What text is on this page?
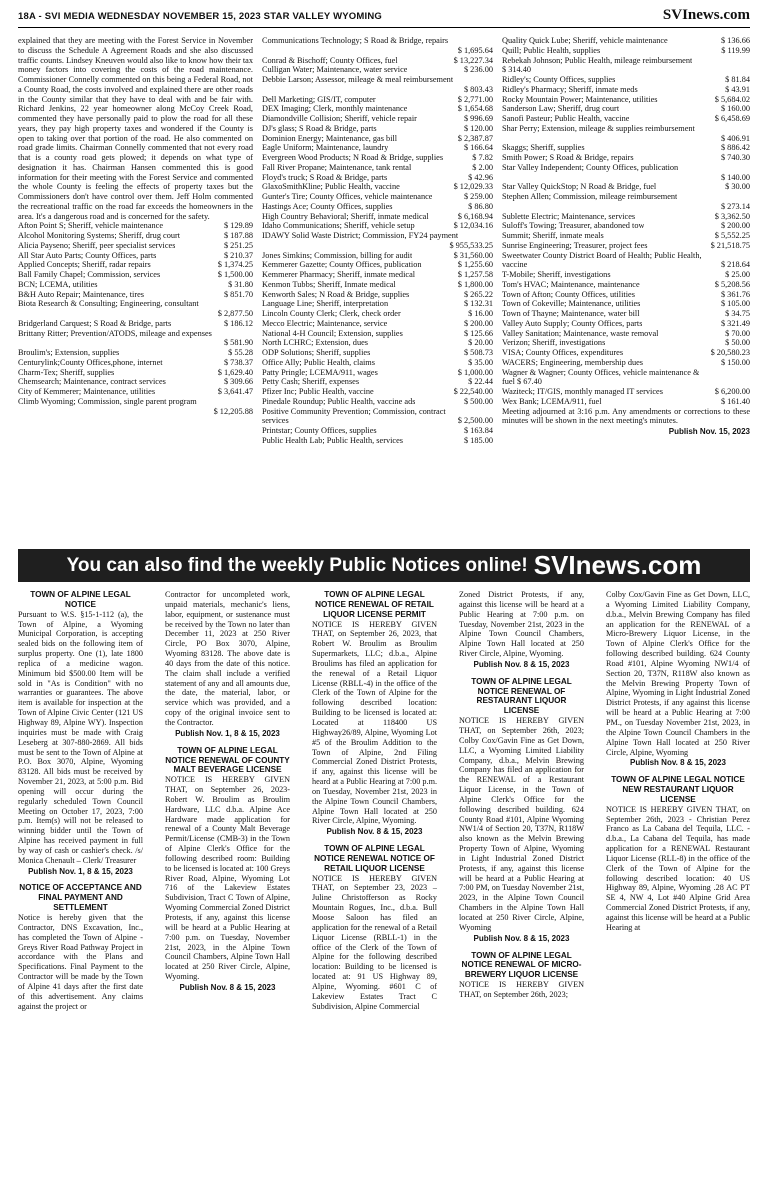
18A - SVI MEDIA WEDNESDAY NOVEMBER 15, 2023 STAR VALLEY WYOMING	SVInews.com

explained that they are meeting with the Forest Service in November to discuss the Schedule A Agreement Roads and she also discussed traffic counts. Lindsey Kneuven would also like to know how their tax money factors into covering the costs of the road maintenance. Commissioner Connelly commented on this being a Federal Road, not a County Road, the costs involved and explained there are other roads in the County similar that they have to deal with and be fair with. Richard Jenkins, 22 year homeowner along McCoy Creek Road, commented they have personally paid to plow the road for all these years, they pay high property taxes and wondered if the County is open to taking over that portion of the road. He also commented on road grade limits. Chairman Connelly commented that not every road that is a county road gets plowed; it depends on what type of designation it has. Chairman Hansen commented this is good information for their meeting with the Forest Service and commented the whole County is feeling the effects of property taxes but the Commissioners don't have control over them. Jeff Holm commented the recreational traffic on the road far exceeds the homeowners in the area. It's a dangerous road and is concerned for the safety.

Afton Point S; Sheriff, vehicle maintenance	$ 129.89
Alcohol Monitoring Systems; Sheriff, drug court	$ 187.88
Alicia Payseno; Sheriff, peer specialist services	$ 251.25
All Star Auto Parts; County Offices, parts	$ 210.37
Applied Concepts; Sheriff, radar repairs	$ 1,374.25
Ball Family Chapel; Commission, services	$ 1,500.00
BCN; LCEMA, utilities	$ 31.80
B&H Auto Repair; Maintenance, tires	$ 851.70
Biota Research & Consulting; Engineering, consultant
$ 2,877.50
Bridgerland Carquest; S Road & Bridge, parts	$ 186.12
Brittany Ritter; Prevention/ATODS, mileage and expenses
$ 581.90
Broulim's; Extension, supplies	$ 55.28
Centurylink;County Offices,phone, internet	$ 738.37
Charm-Tex; Sheriff, supplies	$ 1,629.40
Chemsearch; Maintenance, contract services	$ 309.66
City of Kemmerer; Maintenance, utilities	$ 3,641.47
Climb Wyoming; Commission, single parent program
$ 12,205.88
Communications Technology; S Road & Bridge, repairs
$ 1,695.64
Conrad & Bischoff; County Offices, fuel	$ 13,227.34
Culligan Water; Maintenance, water service	$ 236.00
Debbie Larson; Assessor, mileage & meal reimbursement
$ 803.43
Dell Marketing; GIS/IT, computer	$ 2,771.00
DEX Imaging; Clerk, monthly maintenance	$ 1,654.68
Diamondville Collision; Sheriff, vehicle repair	$ 996.69
DJ's glass; S Road & Bridge, parts	$ 120.00
Dominion Energy; Maintenance, gas bill	$ 2,387.87
Eagle Uniform; Maintenance, laundry	$ 166.64
Evergreen Wood Products; N Road & Bridge, supplies	$ 7.82
Fall River Propane; Maintenance, tank rental	$ 2.00
Floyd's truck; S Road & Bridge, parts	$ 42.96
GlaxoSmithKline; Public Health, vaccine	$ 12,029.33
Gunter's Tire; County Offices, vehicle maintenance	$ 259.00
Hastings Ace; County Offices, supplies	$ 86.80
High Country Behavioral; Sheriff, inmate medical	$ 6,168.94
Idaho Communications; Sheriff, vehicle setup	$ 12,034.16
IDAWY Solid Waste District; Commission, FY24 payment
$ 955,533.25
Jones Simkins; Commission, billing for audit	$ 31,560.00
Kemmerer Gazette; County Offices, publication	$ 1,255.60
Kemmerer Pharmacy; Sheriff, inmate medical	$ 1,257.58
Kenmon Tubbs; Sheriff, Inmate medical	$ 1,800.00
Kenworth Sales; N Road & Bridge, supplies	$ 265.22
Language Line; Sheriff, interpretation	$ 132.31
Lincoln County Clerk; Clerk, check order	$ 16.00
Mecco Electric; Maintenance, service	$ 200.00
National 4-H Council; Extension, supplies	$ 125.66
North LCHRC; Extension, dues	$ 20.00
ODP Solutions; Sheriff, supplies	$ 508.73
Office Ally; Public Health, claims	$ 35.00
Patty Pringle; LCEMA/911, wages	$ 1,000.00
Petty Cash; Sheriff, expenses	$ 22.44
Pfizer Inc; Public Health, vaccine	$ 22,540.00
Pinedale Roundup; Public Health, vaccine ads	$ 500.00
Positive Community Prevention; Commission, contract
services	$ 2,500.00
Printstar; County Offices, supplies	$ 163.84
Public Health Lab; Public Health, services	$ 185.00
Quality Quick Lube; Sheriff, vehicle maintenance	$ 136.66
Quill; Public Health, supplies	$ 119.99
Rebekah Johnson; Public Health, mileage reimbursement
$ 314.40
Ridley's; County Offices, supplies	$ 81.84
Ridley's Pharmacy; Sheriff, inmate meds	$ 43.91
Rocky Mountain Power; Maintenance, utilities	$ 5,684.02
Sanderson Law; Sheriff, drug court	$ 160.00
Sanofi Pasteur; Public Health, vaccine	$ 6,458.69
Shar Perry; Extension, mileage & supplies reimbursement
$ 406.91
Skaggs; Sheriff, supplies	$ 886.42
Smith Power; S Road & Bridge, repairs	$ 740.30
Star Valley Independent; County Offices, publication
$ 140.00
Star Valley QuickStop; N Road & Bridge, fuel	$ 30.00
Stephen Allen; Commission, mileage reimbursement
$ 273.14
Sublette Electric; Maintenance, services	$ 3,362.50
Suloff's Towing; Treasurer, abandoned tow	$ 200.00
Summit; Sheriff, inmate meals	$ 5,552.25
Sunrise Engineering; Treasurer, project fees	$ 21,518.75
Sweetwater County District Board of Health; Public Health,
vaccine	$ 218.64
T-Mobile; Sheriff, investigations	$ 25.00
Tom's HVAC; Maintenance, maintenance	$ 5,208.56
Town of Afton; County Offices, utilities	$ 361.76
Town of Cokeville; Maintenance, utilities	$ 105.00
Town of Thayne; Maintenance, water bill	$ 34.75
Valley Auto Supply; County Offices, parts	$ 321.49
Valley Sanitation; Maintenance, waste removal	$ 70.00
Verizon; Sheriff, investigations	$ 50.00
VISA; County Offices, expenditures	$ 20,580.23
WACERS; Engineering, membership dues	$ 150.00
Wagner & Wagner; County Offices, vehicle maintenance &
fuel $ 67.40
Waziteck; IT/GIS, monthly managed IT services	$ 6,200.00
Wex Bank; LCEMA/911, fuel	$ 161.40

Meeting adjourned at 3:16 p.m. Any amendments or corrections to these minutes will be shown in the next meeting's minutes.

Publish Nov. 15, 2023
You can also find the weekly Public Notices online! SVInews.com
TOWN OF ALPINE LEGAL NOTICE

Pursuant to W.S. §15-1-112 (a), the Town of Alpine, a Wyoming Municipal Corporation, is accepting sealed bids on the following item of surplus property. One (1), late 1800 replica of a medicine wagon. Minimum bid $500.00 Item will be sold in "As is Condition" with no warranties or guarantees. The above item is available for inspection at the Town of Alpine Civic Center (121 US Highway 89, Alpine WY). Inspection inquiries must be made with Craig Leseberg at 307-880-2869. All bids must be sent to the Town of Alpine at P.O. Box 3070, Alpine, Wyoming 83128. All bids must be received by November 21, 2023, at 5:00 p.m. Bid opening will occur during the regularly scheduled Town Council Meeting on October 17, 2023, 7:00 p.m. Item(s) will not be released to winning bidder until the Town of Alpine has received payment in full by way of cash or cashier's check. /s/ Monica Chenault – Clerk/ Treasurer

Publish Nov. 1, 8 & 15, 2023
NOTICE OF ACCEPTANCE AND FINAL PAYMENT AND SETTLEMENT

Notice is hereby given that the Contractor, DNS Excavation, Inc., has completed the Town of Alpine - Greys River Road Pathway Project in accordance with the Plans and Specifications. Final Payment to the Contractor will be made by the Town of Alpine 41 days after the first date of this advertisement. Any claims against the project or

Contractor for uncompleted work, unpaid materials, mechanic's liens, labor, equipment, or sustenance must be received by the Town no later than December 11, 2023 at 250 River Circle, PO Box 3070, Alpine, Wyoming 83128. The above date is 40 days from the date of this notice. The claim shall include a verified statement of any and all amounts due, the date, the material, labor, or service which was provided, and a copy of the original invoice sent to the Contractor.

Publish Nov. 1, 8 & 15, 2023
TOWN OF ALPINE LEGAL NOTICE RENEWAL OF COUNTY MALT BEVERAGE LICENSE

NOTICE IS HEREBY GIVEN THAT, on September 26, 2023- Robert W. Broulim as Broulim Hardware, LLC d.b.a. Alpine Ace Hardware made application for renewal of a County Malt Beverage Permit/License (CMB-3) in the Town of Alpine Clerk's Office for the following described room: Building to be licensed is located at: 100 Greys River Road, Alpine, Wyoming Lot 716 of the Lakeview Estates Subdivision, Tract C Town of Alpine, Wyoming Commercial Zoned District Protests, if any, against this license will be heard at a Public Hearing at 7:00 p.m. on Tuesday, November 21st, 2023, in the Alpine Town Council Chambers, Alpine Town Hall located at 250 River Circle, Alpine, Wyoming.

Publish Nov. 8 & 15, 2023
TOWN OF ALPINE LEGAL NOTICE RENEWAL OF RETAIL LIQUOR LICENSE PERMIT

NOTICE IS HEREBY GIVEN THAT, on September 26, 2023, that Robert W. Broulim as Broulim Supermarkets, LLC; d.b.a., Alpine Broulims has filed an application for the renewal of a Retail Liquor License (RBLL-4) in the office of the Clerk of the Town of Alpine for the following described location: Building to be licensed is located at: Located at 118400 US Highway26/89, Alpine, Wyoming Lot #5 of the Broulim Addition to the Town of Alpine, 2nd Filing Commercial Zoned District Protests, if any, against this license will be heard at a Public Hearing at 7:00 p.m. on Tuesday, November 21st, 2023 in the Alpine Town Council Chambers, Alpine Town Hall located at 250 River Circle, Alpine, Wyoming.

Publish Nov. 8 & 15, 2023
TOWN OF ALPINE LEGAL NOTICE RENEWAL NOTICE OF RETAIL LIQUOR LICENSE

NOTICE IS HEREBY GIVEN THAT, on September 23, 2023 – Juline Christofferson as Rocky Mountain Rogues, Inc., d.b.a. Bull Moose Saloon has filed an application for the renewal of a Retail Liquor License (RBLL-1) in the office of the Clerk of the Town of Alpine for the following described location: Building to be licensed is located at: 91 US Highway 89, Alpine, Wyoming. #601 C of Lakeview Estates Tract C Subdivision, Alpine Commercial

Zoned District Protests, if any, against this license will be heard at a Public Hearing at 7:00 p.m. on Tuesday, November 21st, 2023 in the Alpine Town Council Chambers, Alpine Town Hall located at 250 River Circle, Alpine, Wyoming.

Publish Nov. 8 & 15, 2023
TOWN OF ALPINE LEGAL NOTICE RENEWAL OF RESTAURANT LIQUOR LICENSE

NOTICE IS HEREBY GIVEN THAT, on September 26th, 2023; Colby Cox/Gavin Fine as Get Down, LLC, a Wyoming Limited Liability Company, d.b.a., Melvin Brewing Company has filed an application for the RENEWAL of a Restaurant Liquor License, in the Town of Alpine Clerk's Office for the following described building. 624 County Road #101, Alpine Wyoming NW1/4 of Section 20, T37N, R118W also known as the Melvin Brewing Property Town of Alpine, Wyoming in Light Industrial Zoned District Protests, if any, against this license will be heard at a Public Hearing at 7:00 PM, on Tuesday November 21st, 2023, in the Alpine Town Council Chambers in the Alpine Town Hall located at 250 River Circle, Alpine, Wyoming

Publish Nov. 8 & 15, 2023
TOWN OF ALPINE LEGAL NOTICE RENEWAL OF MICRO-BREWERY LIQUOR LICENSE

NOTICE IS HEREBY GIVEN THAT, on September 26th, 2023;

Colby Cox/Gavin Fine as Get Down, LLC, a Wyoming Limited Liability Company, d.b.a., Melvin Brewing Company has filed an application for the RENEWAL of a Micro-Brewery Liquor License, in the Town of Alpine Clerk's Office for the following described building. 624 County Road #101, Alpine Wyoming NW1/4 of Section 20, T37N, R118W also known as the Melvin Brewing Property Town of Alpine, Wyoming in Light Industrial Zoned District Protests, if any against this license will be heard at a Public Hearing at 7:00 PM., on Tuesday November 21st, 2023, in the Alpine Town Council Chambers in the Alpine Town Hall located at 250 River Circle, Alpine, Wyoming

Publish Nov. 8 & 15, 2023
TOWN OF ALPINE LEGAL NOTICE NEW RESTAURANT LIQUOR LICENSE

NOTICE IS HEREBY GIVEN THAT, on September 26th, 2023 - Christian Perez Franco as La Cabana del Tequila, LLC. - d.b.a., La Cabana del Tequila, has made application for a RENEWAL Restaurant Liquor License (RLL-8) in the office of the Clerk of the Town of Alpine for the following described location: 40 US Highway 89, Alpine, Wyoming .28 AC PT SE 4, NW 4, Lot #40 Alpine Grid Area Commercial Zoned District Protests, if any, against this license will be heard at a Public Hearing at
